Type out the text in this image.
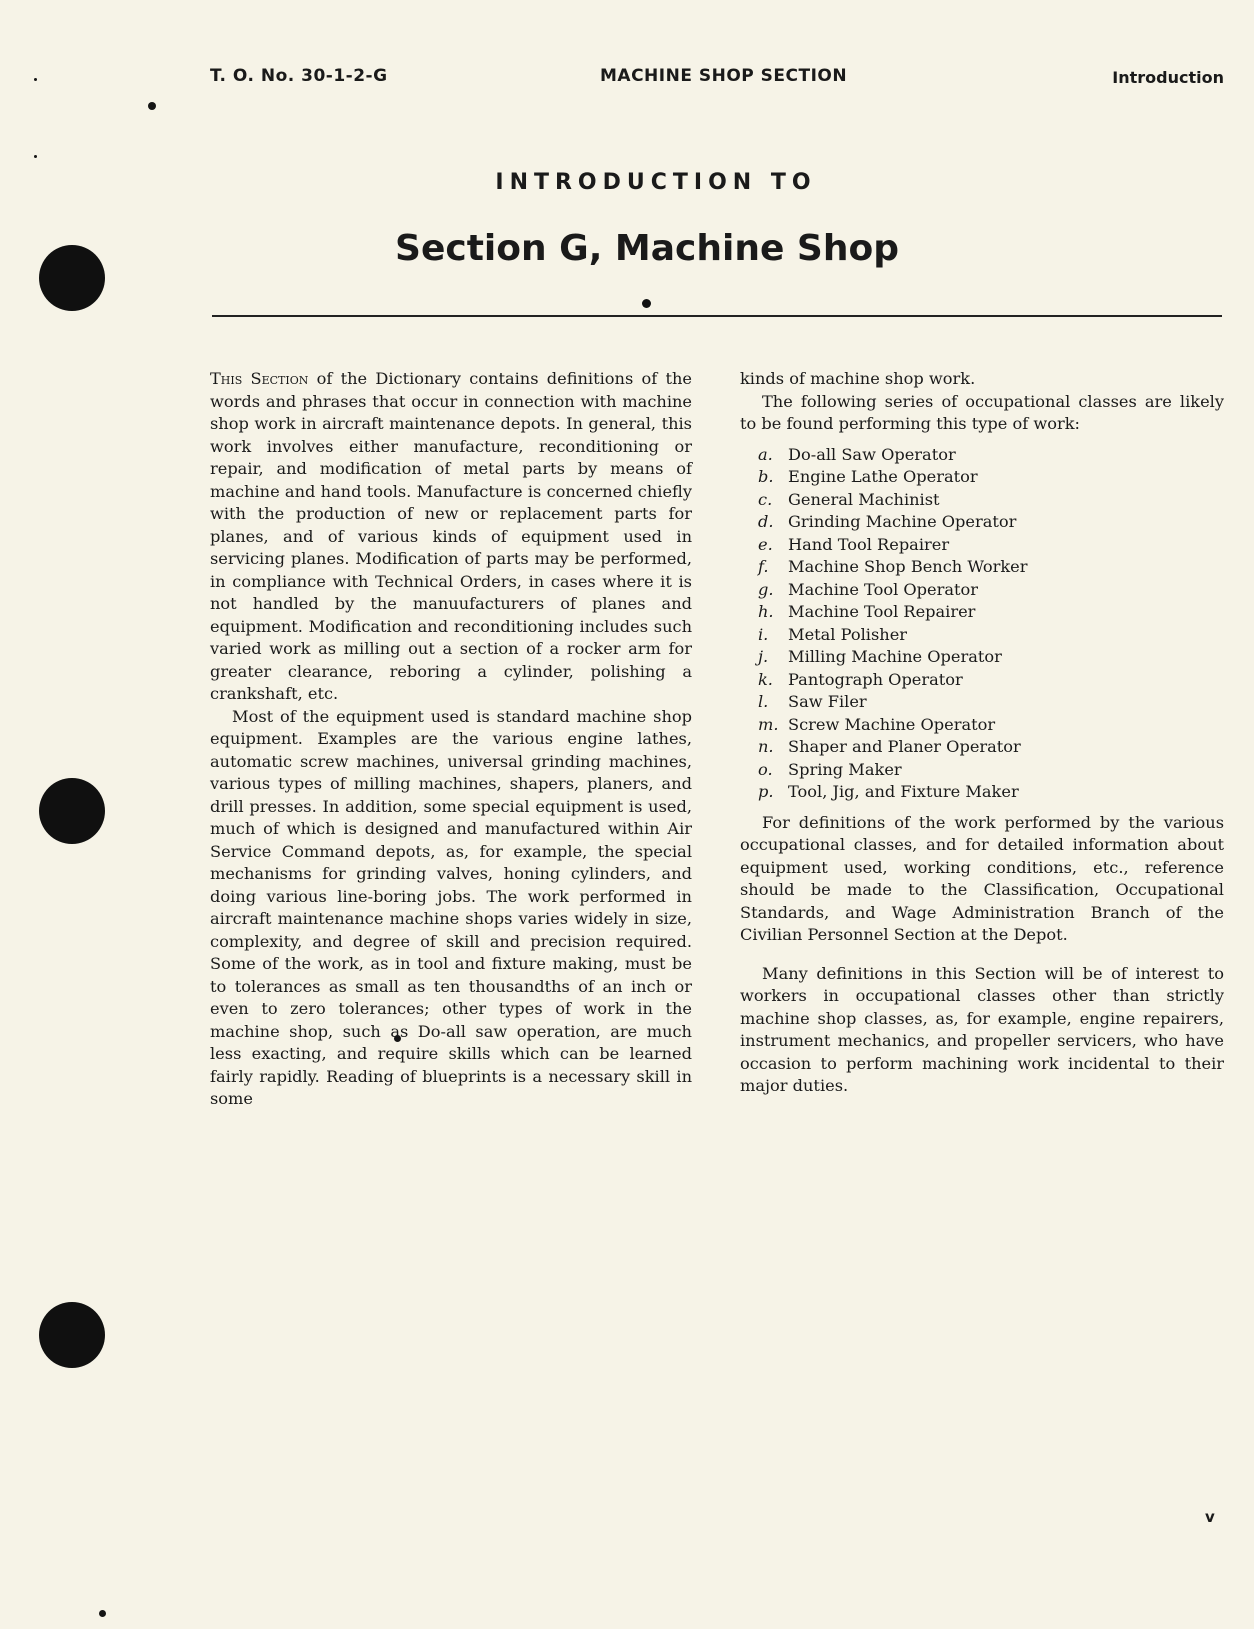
T. O. No. 30-1-2-G	MACHINE SHOP SECTION	Introduction
INTRODUCTION TO
Section G, Machine Shop

This Section of the Dictionary contains definitions of the words and phrases that occur in connection with machine shop work in aircraft maintenance depots. In general, this work involves either manufacture, reconditioning or repair, and modification of metal parts by means of machine and hand tools. Manufacture is concerned chiefly with the production of new or replacement parts for planes, and of various kinds of equipment used in servicing planes. Modification of parts may be performed, in compliance with Technical Orders, in cases where it is not handled by the manuufacturers of planes and equipment. Modification and reconditioning includes such varied work as milling out a section of a rocker arm for greater clearance, reboring a cylinder, polishing a crankshaft, etc.

Most of the equipment used is standard machine shop equipment. Examples are the various engine lathes, automatic screw machines, universal grinding machines, various types of milling machines, shapers, planers, and drill presses. In addition, some special equipment is used, much of which is designed and manufactured within Air Service Command depots, as, for example, the special mechanisms for grinding valves, honing cylinders, and doing various line-boring jobs. The work performed in aircraft maintenance machine shops varies widely in size, complexity, and degree of skill and precision required. Some of the work, as in tool and fixture making, must be to tolerances as small as ten thousandths of an inch or even to zero tolerances; other types of work in the machine shop, such as Do-all saw operation, are much less exacting, and require skills which can be learned fairly rapidly. Reading of blueprints is a necessary skill in some

kinds of machine shop work.

The following series of occupational classes are likely to be found performing this type of work:

a. Do-all Saw Operator
b. Engine Lathe Operator
c. General Machinist
d. Grinding Machine Operator
e. Hand Tool Repairer
f. Machine Shop Bench Worker
g. Machine Tool Operator
h. Machine Tool Repairer
i. Metal Polisher
j. Milling Machine Operator
k. Pantograph Operator
l. Saw Filer
m. Screw Machine Operator
n. Shaper and Planer Operator
o. Spring Maker
p. Tool, Jig, and Fixture Maker

For definitions of the work performed by the various occupational classes, and for detailed information about equipment used, working conditions, etc., reference should be made to the Classification, Occupational Standards, and Wage Administration Branch of the Civilian Personnel Section at the Depot.

Many definitions in this Section will be of interest to workers in occupational classes other than strictly machine shop classes, as, for example, engine repairers, instrument mechanics, and propeller servicers, who have occasion to perform machining work incidental to their major duties.

v
